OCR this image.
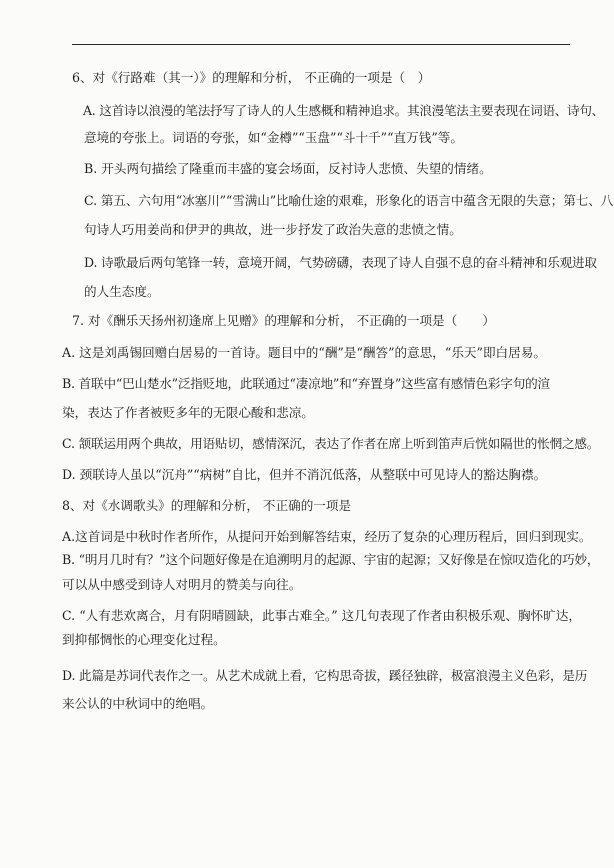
6、对《行路难（其一）》的理解和分析， 不正确的一项是（　）
A. 这首诗以浪漫的笔法抒写了诗人的人生感概和精神追求。其浪漫笔法主要表现在词语、诗句、
意境的夸张上。词语的夸张，如“金樽”“玉盘”“斗十千”“直万钱”等。
B. 开头两句描绘了隆重而丰盛的宴会场面，反衬诗人悲愤、失望的情绪。
C. 第五、六句用“冰塞川”“雪满山”比喻仕途的艰难，形象化的语言中蕴含无限的失意；第七、八
句诗人巧用姜尚和伊尹的典故，进一步抒发了政治失意的悲愤之情。
D. 诗歌最后两句笔锋一转，意境开阔，气势磅礴，表现了诗人自强不息的奋斗精神和乐观进取
的人生态度。
7. 对《酬乐天扬州初逢席上见赠》的理解和分析， 不正确的一项是（　　）
A. 这是刘禹锡回赠白居易的一首诗。题目中的“酬”是“酬答”的意思，“乐天”即白居易。
B. 首联中“巴山楚水”泛指贬地，此联通过“凄凉地”和“弃置身”这些富有感情色彩字句的渲
染，表达了作者被贬多年的无限心酸和悲凉。
C. 颔联运用两个典故，用语贴切，感情深沉，表达了作者在席上听到笛声后恍如隔世的怅惘之感。
D. 颈联诗人虽以“沉舟”“病树”自比，但并不消沉低落，从整联中可见诗人的豁达胸襟。
8、对《水调歌头》的理解和分析， 不正确的一项是
A.这首词是中秋时作者所作，从提问开始到解答结束，经历了复杂的心理历程后，回归到现实。
B. “明月几时有？”这个问题好像是在追溯明月的起源、宇宙的起源；又好像是在惊叹造化的巧妙，
可以从中感受到诗人对明月的赞美与向往。
C. “人有悲欢离合，月有阴晴圆缺，此事古难全。” 这几句表现了作者由积极乐观、胸怀旷达，
到抑郁惆怅的心理变化过程。
D. 此篇是苏词代表作之一。从艺术成就上看，它构思奇拔，蹊径独辟，极富浪漫主义色彩，是历
来公认的中秋词中的绝唱。
